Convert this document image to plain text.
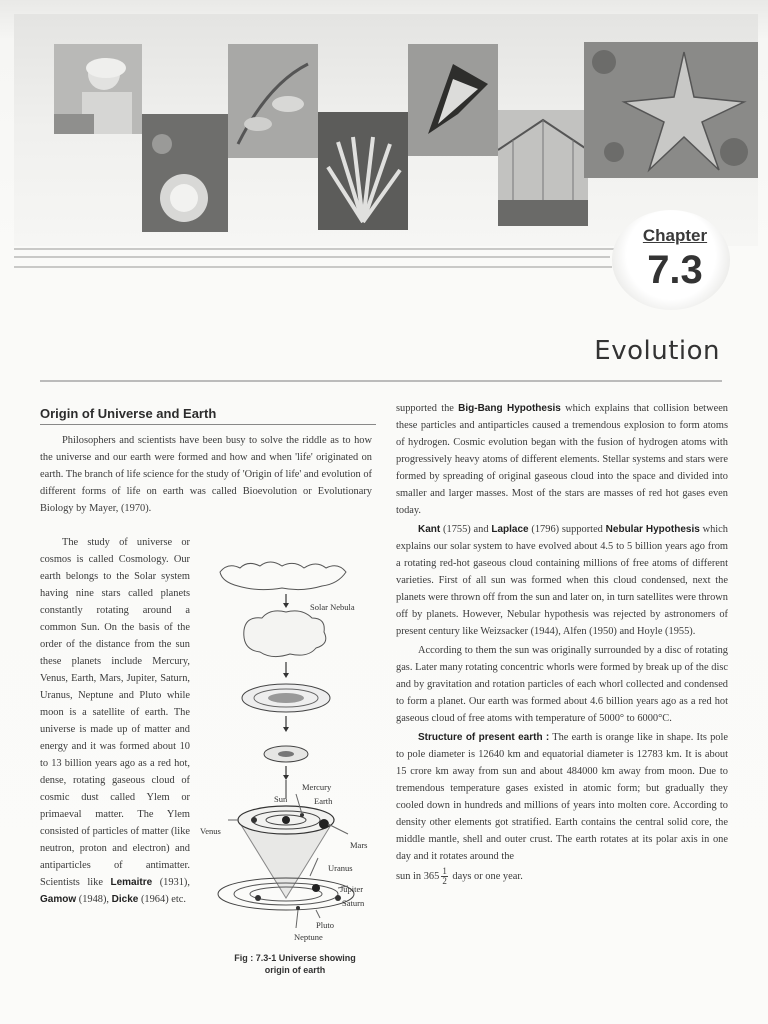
Chapter
7.3
Evolution
Origin of Universe and Earth

Philosophers and scientists have been busy to solve the riddle as to how the universe and our earth were formed and how and when 'life' originated on earth. The branch of life science for the study of 'Origin of life' and evolution of different forms of life on earth was called Bioevolution or Evolutionary Biology by Mayer, (1970).

The study of universe or cosmos is called Cosmology. Our earth belongs to the Solar system having nine stars called planets constantly rotating around a common Sun. On the basis of the order of the distance from the sun these planets include Mercury, Venus, Earth, Mars, Jupiter, Saturn, Uranus, Neptune and Pluto while moon is a satellite of earth. The universe is made up of matter and energy and it was formed about 10 to 13 billion years ago as a red hot, dense, rotating gaseous cloud of cosmic dust called Ylem or primaeval matter. The Ylem consisted of particles of matter (like neutron, proton and electron) and antiparticles of antimatter. Scientists like Lemaitre (1931), Gamow (1948), Dicke (1964) etc.

Solar Nebula
Mercury
Sun	Earth
Venus
Mars
Uranus
Jupiter
Saturn
Pluto
Neptune
Fig : 7.3-1 Universe showing
origin of earth

supported the Big-Bang Hypothesis which explains that collision between these particles and antiparticles caused a tremendous explosion to form atoms of hydrogen. Cosmic evolution began with the fusion of hydrogen atoms with progressively heavy atoms of different elements. Stellar systems and stars were formed by spreading of original gaseous cloud into the space and divided into smaller and larger masses. Most of the stars are masses of red hot gases even today.

Kant (1755) and Laplace (1796) supported Nebular Hypothesis which explains our solar system to have evolved about 4.5 to 5 billion years ago from a rotating red-hot gaseous cloud containing millions of free atoms of different varieties. First of all sun was formed when this cloud condensed, next the planets were thrown off from the sun and later on, in turn satellites were thrown off by planets. However, Nebular hypothesis was rejected by astronomers of present century like Weizsacker (1944), Alfen (1950) and Hoyle (1955).

According to them the sun was originally surrounded by a disc of rotating gas. Later many rotating concentric whorls were formed by break up of the disc and by gravitation and rotation particles of each whorl collected and condensed to form a planet. Our earth was formed about 4.6 billion years ago as a red hot gaseous cloud of free atoms with temperature of 5000° to 6000°C.

Structure of present earth : The earth is orange like in shape. Its pole to pole diameter is 12640 km and equatorial diameter is 12783 km. It is about 15 crore km away from sun and about 484000 km away from moon. Due to tremendous temperature gases existed in atomic form; but gradually they cooled down in hundreds and millions of years into molten core. According to density other elements got stratified. Earth contains the central solid core, the middle mantle, shell and outer crust. The earth rotates at its polar axis in one day and it rotates around the

sun in $365 \frac{1}{2}$ days or one year.
